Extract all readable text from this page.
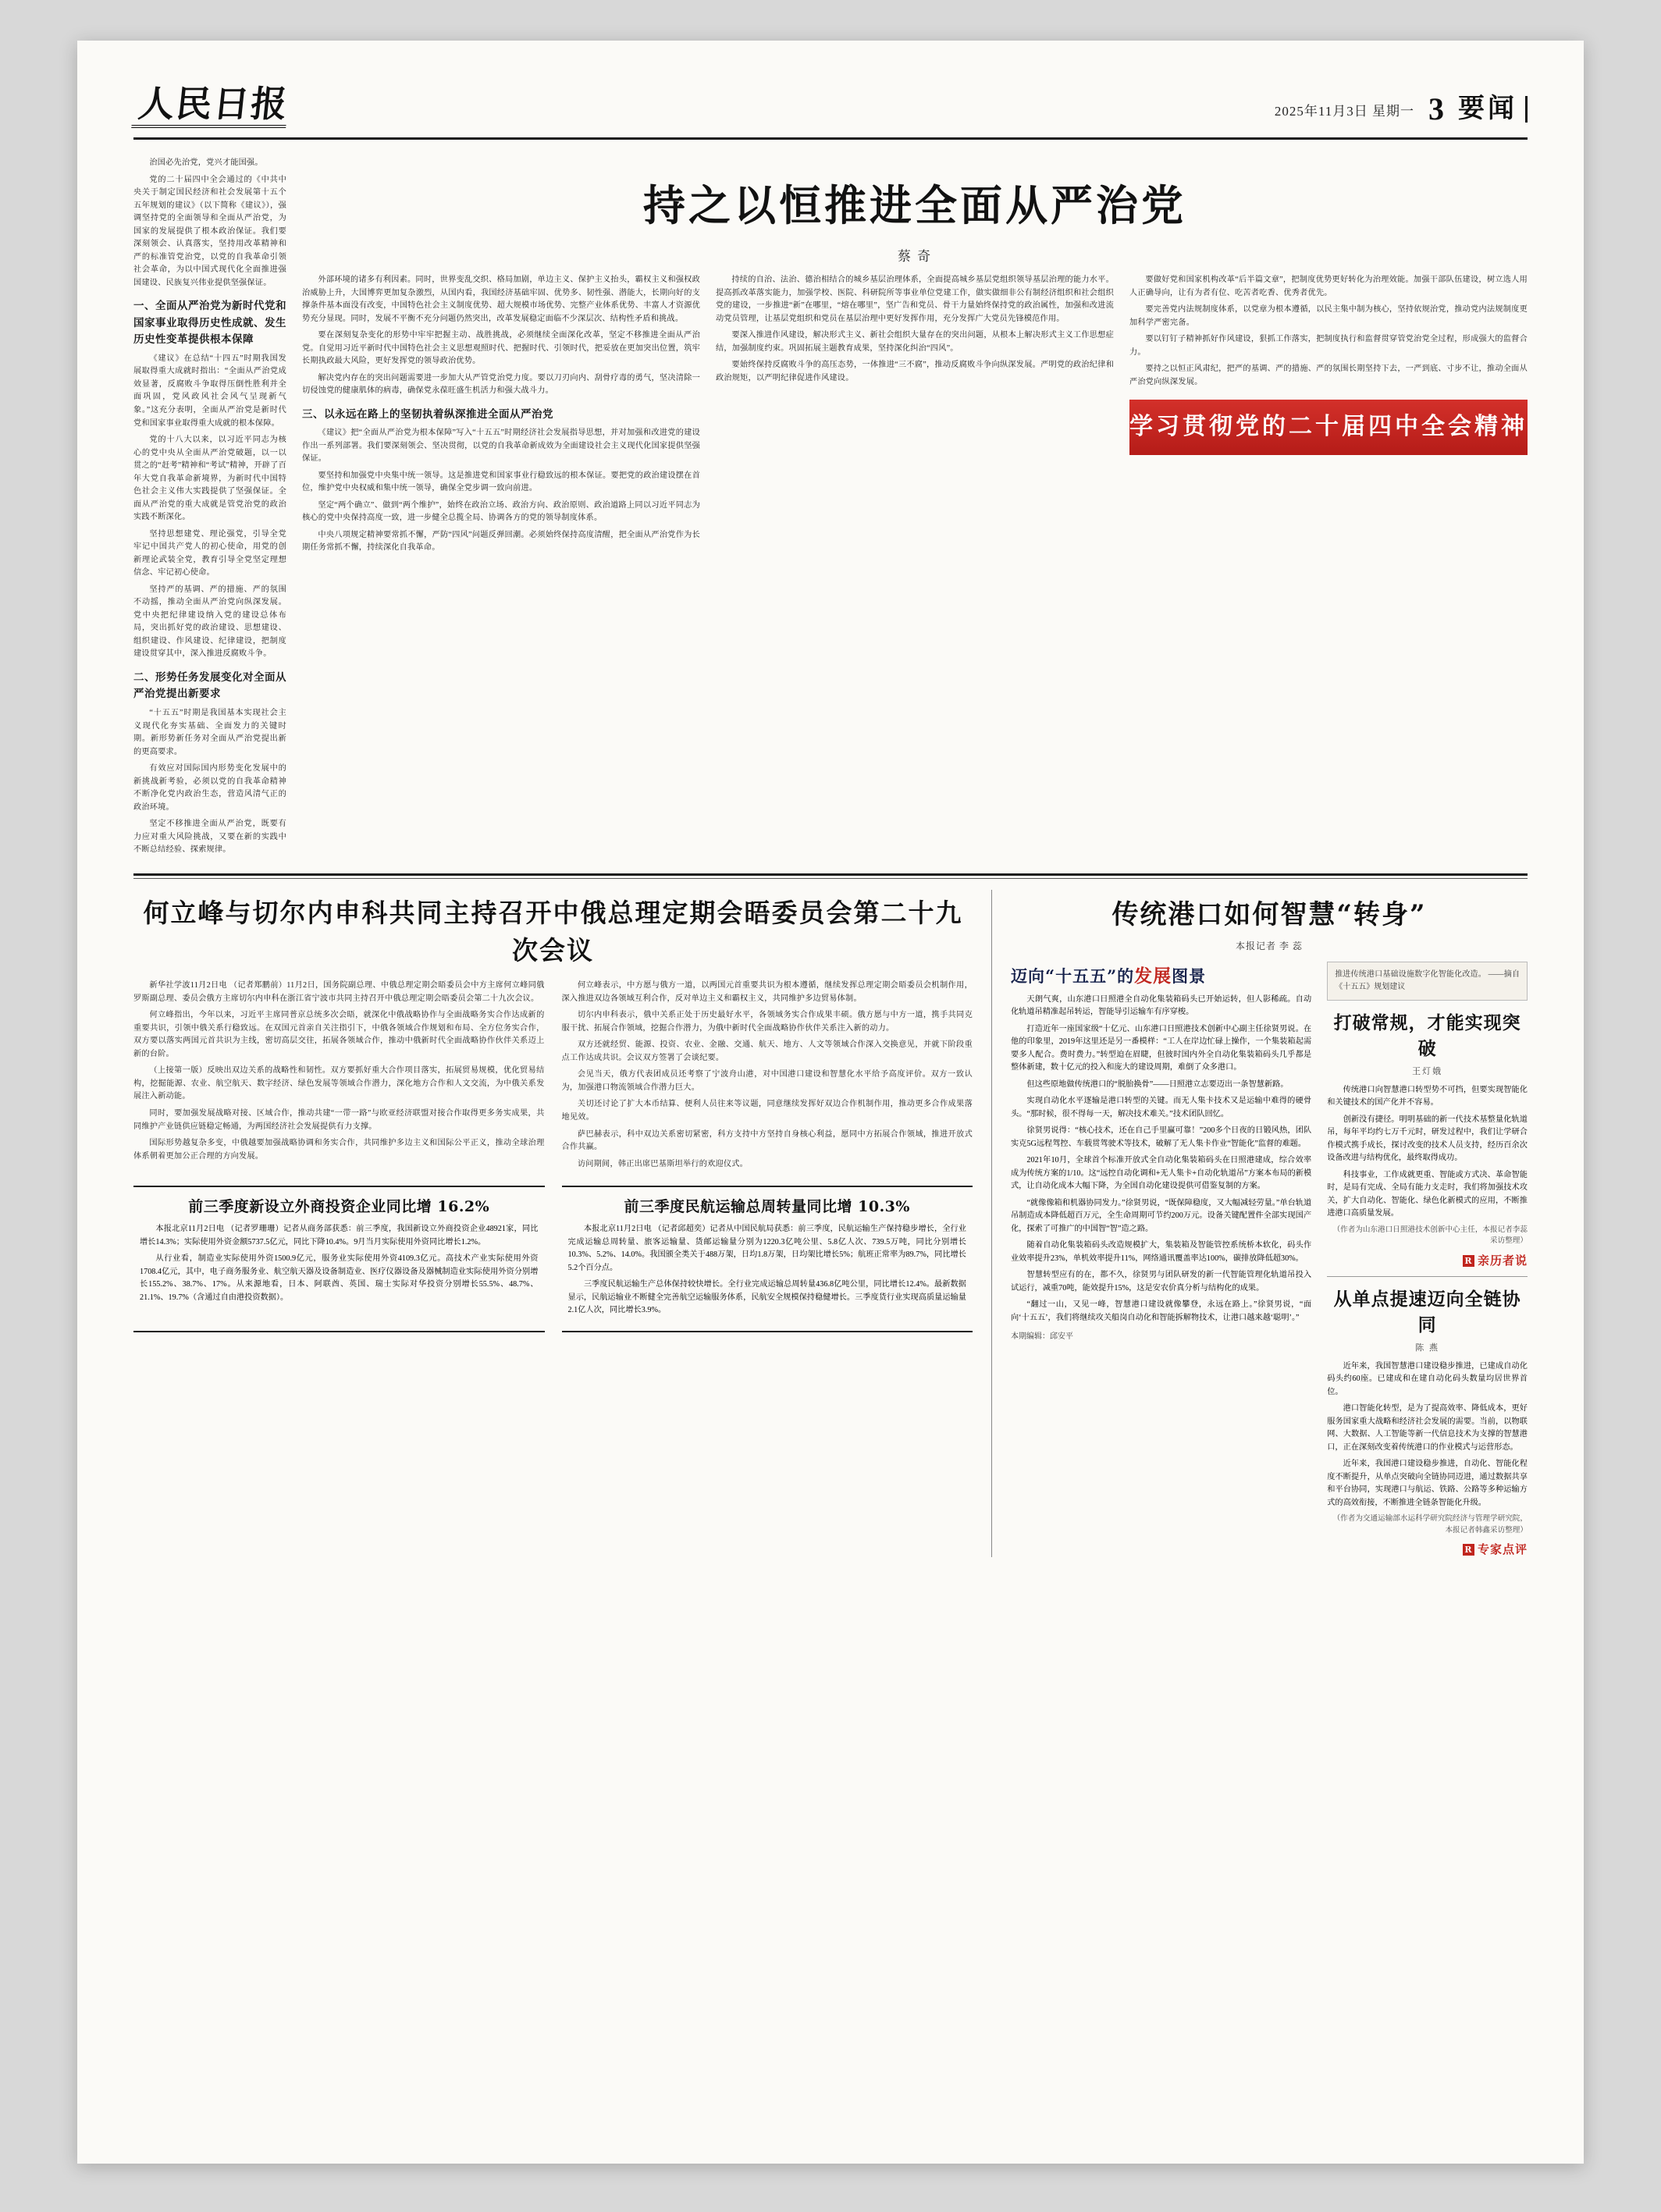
人民日报	2025年11月3日 星期一 3 要闻

治国必先治党，党兴才能国强。

党的二十届四中全会通过的《中共中央关于制定国民经济和社会发展第十五个五年规划的建议》（以下简称《建议》），强调坚持党的全面领导和全面从严治党，为国家的发展提供了根本政治保证。我们要深刻领会、认真落实，坚持用改革精神和严的标准管党治党，以党的自我革命引领社会革命，为以中国式现代化全面推进强国建设、民族复兴伟业提供坚强保证。

一、全面从严治党为新时代党和国家事业取得历史性成就、发生历史性变革提供根本保障

《建议》在总结“十四五”时期我国发展取得重大成就时指出：“全面从严治党成效显著，反腐败斗争取得压倒性胜利并全面巩固，党风政风社会风气呈现新气象。”这充分表明，全面从严治党是新时代党和国家事业取得重大成就的根本保障。

党的十八大以来，以习近平同志为核心的党中央从全面从严治党破题，以一以贯之的“赶考”精神和“考试”精神，开辟了百年大党自我革命新境界，为新时代中国特色社会主义伟大实践提供了坚强保证。全面从严治党的重大成就是管党治党的政治实践不断深化。

坚持思想建党、理论强党，引导全党牢记中国共产党人的初心使命，用党的创新理论武装全党，教育引导全党坚定理想信念、牢记初心使命。

坚持严的基调、严的措施、严的氛围不动摇，推动全面从严治党向纵深发展。党中央把纪律建设纳入党的建设总体布局，突出抓好党的政治建设、思想建设、组织建设、作风建设、纪律建设，把制度建设贯穿其中，深入推进反腐败斗争。

二、形势任务发展变化对全面从严治党提出新要求

“十五五”时期是我国基本实现社会主义现代化夯实基础、全面发力的关键时期。新形势新任务对全面从严治党提出新的更高要求。

有效应对国际国内形势变化发展中的新挑战新考验，必须以党的自我革命精神不断净化党内政治生态，营造风清气正的政治环境。

坚定不移推进全面从严治党，既要有力应对重大风险挑战，又要在新的实践中不断总结经验、探索规律。

持之以恒推进全面从严治党
蔡 奇

外部环境的诸多有利因素。同时，世界变乱交织、格局加剧，单边主义、保护主义抬头，霸权主义和强权政治威胁上升，大国博弈更加复杂激烈，从国内看，我国经济基础牢固、优势多、韧性强、潜能大，长期向好的支撑条件基本面没有改变，中国特色社会主义制度优势、超大规模市场优势、完整产业体系优势、丰富人才资源优势充分显现。同时，发展不平衡不充分问题仍然突出，改革发展稳定面临不少深层次、结构性矛盾和挑战。

要在深刻复杂变化的形势中牢牢把握主动、战胜挑战，必须继续全面深化改革，坚定不移推进全面从严治党。自觉用习近平新时代中国特色社会主义思想观照时代、把握时代、引领时代，把妥放在更加突出位置，筑牢长期执政最大风险，更好发挥党的领导政治优势。

解决党内存在的突出问题需要进一步加大从严管党治党力度。要以刀刃向内、刮骨疗毒的勇气，坚决清除一切侵蚀党的健康肌体的病毒，确保党永葆旺盛生机活力和强大战斗力。

三、以永远在路上的坚韧执着纵深推进全面从严治党

《建议》把“全面从严治党为根本保障”写入“十五五”时期经济社会发展指导思想，并对加强和改进党的建设作出一系列部署。我们要深刻领会、坚决贯彻，以党的自我革命新成效为全面建设社会主义现代化国家提供坚强保证。

要坚持和加强党中央集中统一领导。这是推进党和国家事业行稳致远的根本保证。要把党的政治建设摆在首位，维护党中央权威和集中统一领导，确保全党步调一致向前进。

坚定“两个确立”、做到“两个维护”，始终在政治立场、政治方向、政治原则、政治道路上同以习近平同志为核心的党中央保持高度一致，进一步健全总揽全局、协调各方的党的领导制度体系。

中央八项规定精神要常抓不懈，严防“四风”问题反弹回潮。必须始终保持高度清醒，把全面从严治党作为长期任务常抓不懈，持续深化自我革命。

持续的自治、法治、德治相结合的城乡基层治理体系，全面提高城乡基层党组织领导基层治理的能力水平。提高抓改革落实能力，加强学校、医院、科研院所等事业单位党建工作，做实做细非公有制经济组织和社会组织党的建设，一步推进“新”在哪里，“熔在哪里”，坚广告和党员、骨干力量始终保持党的政治属性，加强和改进流动党员管理，让基层党组织和党员在基层治理中更好发挥作用，充分发挥广大党员先锋模范作用。

要深入推进作风建设，解决形式主义、新社会组织大量存在的突出问题，从根本上解决形式主义工作思想症结，加强制度约束。巩固拓展主题教育成果，坚持深化纠治“四风”。

要始终保持反腐败斗争的高压态势，一体推进“三不腐”，推动反腐败斗争向纵深发展。严明党的政治纪律和政治规矩，以严明纪律促进作风建设。

要做好党和国家机构改革“后半篇文章”，把制度优势更好转化为治理效能。加强干部队伍建设，树立选人用人正确导向，让有为者有位、吃苦者吃香、优秀者优先。

要完善党内法规制度体系，以党章为根本遵循，以民主集中制为核心，坚持依规治党，推动党内法规制度更加科学严密完备。

要以钉钉子精神抓好作风建设，狠抓工作落实，把制度执行和监督贯穿管党治党全过程，形成强大的监督合力。

要持之以恒正风肃纪，把严的基调、严的措施、严的氛围长期坚持下去，一严到底、寸步不让，推动全面从严治党向纵深发展。

学习贯彻党的二十届四中全会精神
何立峰与切尔内申科共同主持召开中俄总理定期会晤委员会第二十九次会议

新华社学波11月2日电 （记者郑鹏前）11月2日，国务院副总理、中俄总理定期会晤委员会中方主席何立峰同俄罗斯副总理、委员会俄方主席切尔内申科在浙江省宁波市共同主持召开中俄总理定期会晤委员会第二十九次会议。

何立峰指出，今年以来，习近平主席同普京总统多次会晤，就深化中俄战略协作与全面战略务实合作达成新的重要共识，引领中俄关系行稳致远。在双国元首亲自关注指引下，中俄各领域合作规划和布局、全方位务实合作，双方要以落实两国元首共识为主线，密切高层交往，拓展各领域合作，推动中俄新时代全面战略协作伙伴关系迈上新的台阶。

（上接第一版）反映出双边关系的战略性和韧性。双方要抓好重大合作项目落实，拓展贸易规模，优化贸易结构，挖掘能源、农业、航空航天、数字经济、绿色发展等领域合作潜力，深化地方合作和人文交流，为中俄关系发展注入新动能。

同时，要加强发展战略对接、区域合作，推动共建“一带一路”与欧亚经济联盟对接合作取得更多务实成果，共同维护产业链供应链稳定畅通，为两国经济社会发展提供有力支撑。

国际形势越复杂多变，中俄越要加强战略协调和务实合作，共同维护多边主义和国际公平正义，推动全球治理体系朝着更加公正合理的方向发展。

何立峰表示，中方愿与俄方一道，以两国元首重要共识为根本遵循，继续发挥总理定期会晤委员会机制作用，深入推进双边各领域互利合作，反对单边主义和霸权主义，共同维护多边贸易体制。

切尔内申科表示，俄中关系正处于历史最好水平，各领域务实合作成果丰硕。俄方愿与中方一道，携手共同克服干扰、拓展合作领域，挖掘合作潜力，为俄中新时代全面战略协作伙伴关系注入新的动力。

双方还就经贸、能源、投资、农业、金融、交通、航天、地方、人文等领域合作深入交换意见，并就下阶段重点工作达成共识。会议双方签署了会谈纪要。

会见当天，俄方代表团成员还考察了宁波舟山港，对中国港口建设和智慧化水平给予高度评价。双方一致认为，加强港口物流领域合作潜力巨大。

关切还讨论了扩大本币结算、便利人员往来等议题，同意继续发挥好双边合作机制作用，推动更多合作成果落地见效。

萨巴赫表示，科中双边关系密切紧密，科方支持中方坚持自身核心利益，愿同中方拓展合作领域，推进开放式合作共赢。

访问期间，韩正出席巴基斯坦举行的欢迎仪式。

前三季度新设立外商投资企业同比增 16.2%

本报北京11月2日电 （记者罗珊珊）记者从商务部获悉：前三季度，我国新设立外商投资企业48921家，同比增长14.3%；实际使用外资金额5737.5亿元，同比下降10.4%。9月当月实际使用外资同比增长1.2%。

从行业看，制造业实际使用外资1500.9亿元，服务业实际使用外资4109.3亿元。高技术产业实际使用外资1708.4亿元，其中，电子商务服务业、航空航天器及设备制造业、医疗仪器设备及器械制造业实际使用外资分别增长155.2%、38.7%、17%。从来源地看，日本、阿联酋、英国、瑞士实际对华投资分别增长55.5%、48.7%、21.1%、19.7%（含通过自由港投资数据）。

前三季度民航运输总周转量同比增 10.3%

本报北京11月2日电 （记者邱超奕）记者从中国民航局获悉：前三季度，民航运输生产保持稳步增长，全行业完成运输总周转量、旅客运输量、货邮运输量分别为1220.3亿吨公里、5.8亿人次、739.5万吨，同比分别增长10.3%、5.2%、14.0%。我国颁全类关于488万架，日均1.8万架，日均架比增长5%；航班正常率为89.7%，同比增长5.2个百分点。

三季度民航运输生产总体保持较快增长。全行业完成运输总周转量436.8亿吨公里，同比增长12.4%。最新数据显示，民航运输业不断健全完善航空运输服务体系，民航安全规模保持稳健增长。三季度货行业实现高质量运输量2.1亿人次，同比增长3.9%。

传统港口如何智慧“转身”
本报记者 李 蕊
迈向“十五五”的发展图景

天朗气爽，山东港口日照港全自动化集装箱码头已开始运转，但人影稀疏。自动化轨道吊精准起吊转运，智能导引运输车有序穿梭。

打造近年一座国家级“十亿元、山东港口日照港技术创新中心副主任徐贤男说。在他的印象里，2019年这里还是另一番模样：“工人在岸边忙碌上操作，一个集装箱起需要多人配合。费时费力。”转型迫在眉睫，但彼时国内外全自动化集装箱码头几乎都是整体新建，数十亿元的投入和庞大的建设周期，难倒了众多港口。

但这些原地做传统港口的“脱胎换骨”——日照港立志要迈出一条智慧新路。

实现自动化水平逐输是港口转型的关键。而无人集卡技术又是运输中难得的硬骨头。“那时候，很不得每一天，解决技术难关。”技术团队回忆。

徐贤男说得：“核心技术，还在自己手里赢可靠！”200多个日夜的日锻风热，团队实克5G远程驾控、车载贯驾驶术等技术，破解了无人集卡作业“智能化”监督的难题。

2021年10月，全球首个标准开放式全自动化集装箱码头在日照港建成，综合效率成为传统方案的1/10。这“远控自动化调和+无人集卡+自动化轨道吊”方案本布局的新模式，让自动化成本大幅下降，为全国自动化建设提供可借鉴复制的方案。

“就像像箱和机器协同发力。”徐贤男说，“既保障稳度，又大幅减轻劳量。”单台轨道吊制造成本降低超百万元，全生命周期可节约200万元。设备关键配置件全部实现国产化，探索了可推广的中国智“智”造之路。

随着自动化集装箱码头改造规模扩大，集装箱及智能管控系统桥本软化，码头作业效率提升23%，单机效率提升11%，网络通讯覆盖率达100%，碳排放降低超30%。

智慧转型应有的在，都不久，徐贤男与团队研发的新一代智能管理化轨道吊投入试运行，减重70吨，能效提升15%，这是安农价真分析与结构化的成果。

“翻过一山，又见一峰，智慧港口建设就像攀登，永远在路上。”徐贤男说，“面向‘十五五’，我们将继续攻关船岗自动化和智能拆解物技术，让港口越来越‘聪明’。”

本期编辑：邱安平
推进传统港口基础设施数字化智能化改造。 ——摘自《十五五》规划建议
打破常规，才能实现突破
王灯娥

传统港口向智慧港口转型势不可挡，但要实现智能化和关键技术的国产化并不容易。

创新没有捷径。明明基础的新一代技术基整量化轨道吊，每年平均约七万千元时，研发过程中，我们让学研合作模式携手成长，探讨改变的技术人员支持，经历百余次设备改进与结构优化，最终取得成功。

科技事业，工作成就更重、智能或方式决、革命智能时，是局有完成、全局有能力支走时，我们将加强技术攻关，扩大自动化、智能化、绿色化新模式的应用，不断推进港口高质量发展。

（作者为山东港口日照港技术创新中心主任，本报记者李蕊采访整理）
R 亲历者说
从单点提速迈向全链协同
陈 燕

近年来，我国智慧港口建设稳步推进，已建成自动化码头约60座。已建成和在建自动化码头数量均居世界首位。

港口智能化转型，是为了提高效率、降低成本，更好服务国家重大战略和经济社会发展的需要。当前，以物联网、大数据、人工智能等新一代信息技术为支撑的智慧港口，正在深刻改变着传统港口的作业模式与运营形态。

近年来，我国港口建设稳步推进，自动化、智能化程度不断提升，从单点突破向全链协同迈进，通过数据共享和平台协同，实现港口与航运、铁路、公路等多种运输方式的高效衔接，不断推进全链条智能化升级。

（作者为交通运输部水运科学研究院经济与管理学研究院，本报记者韩鑫采访整理）
R 专家点评
